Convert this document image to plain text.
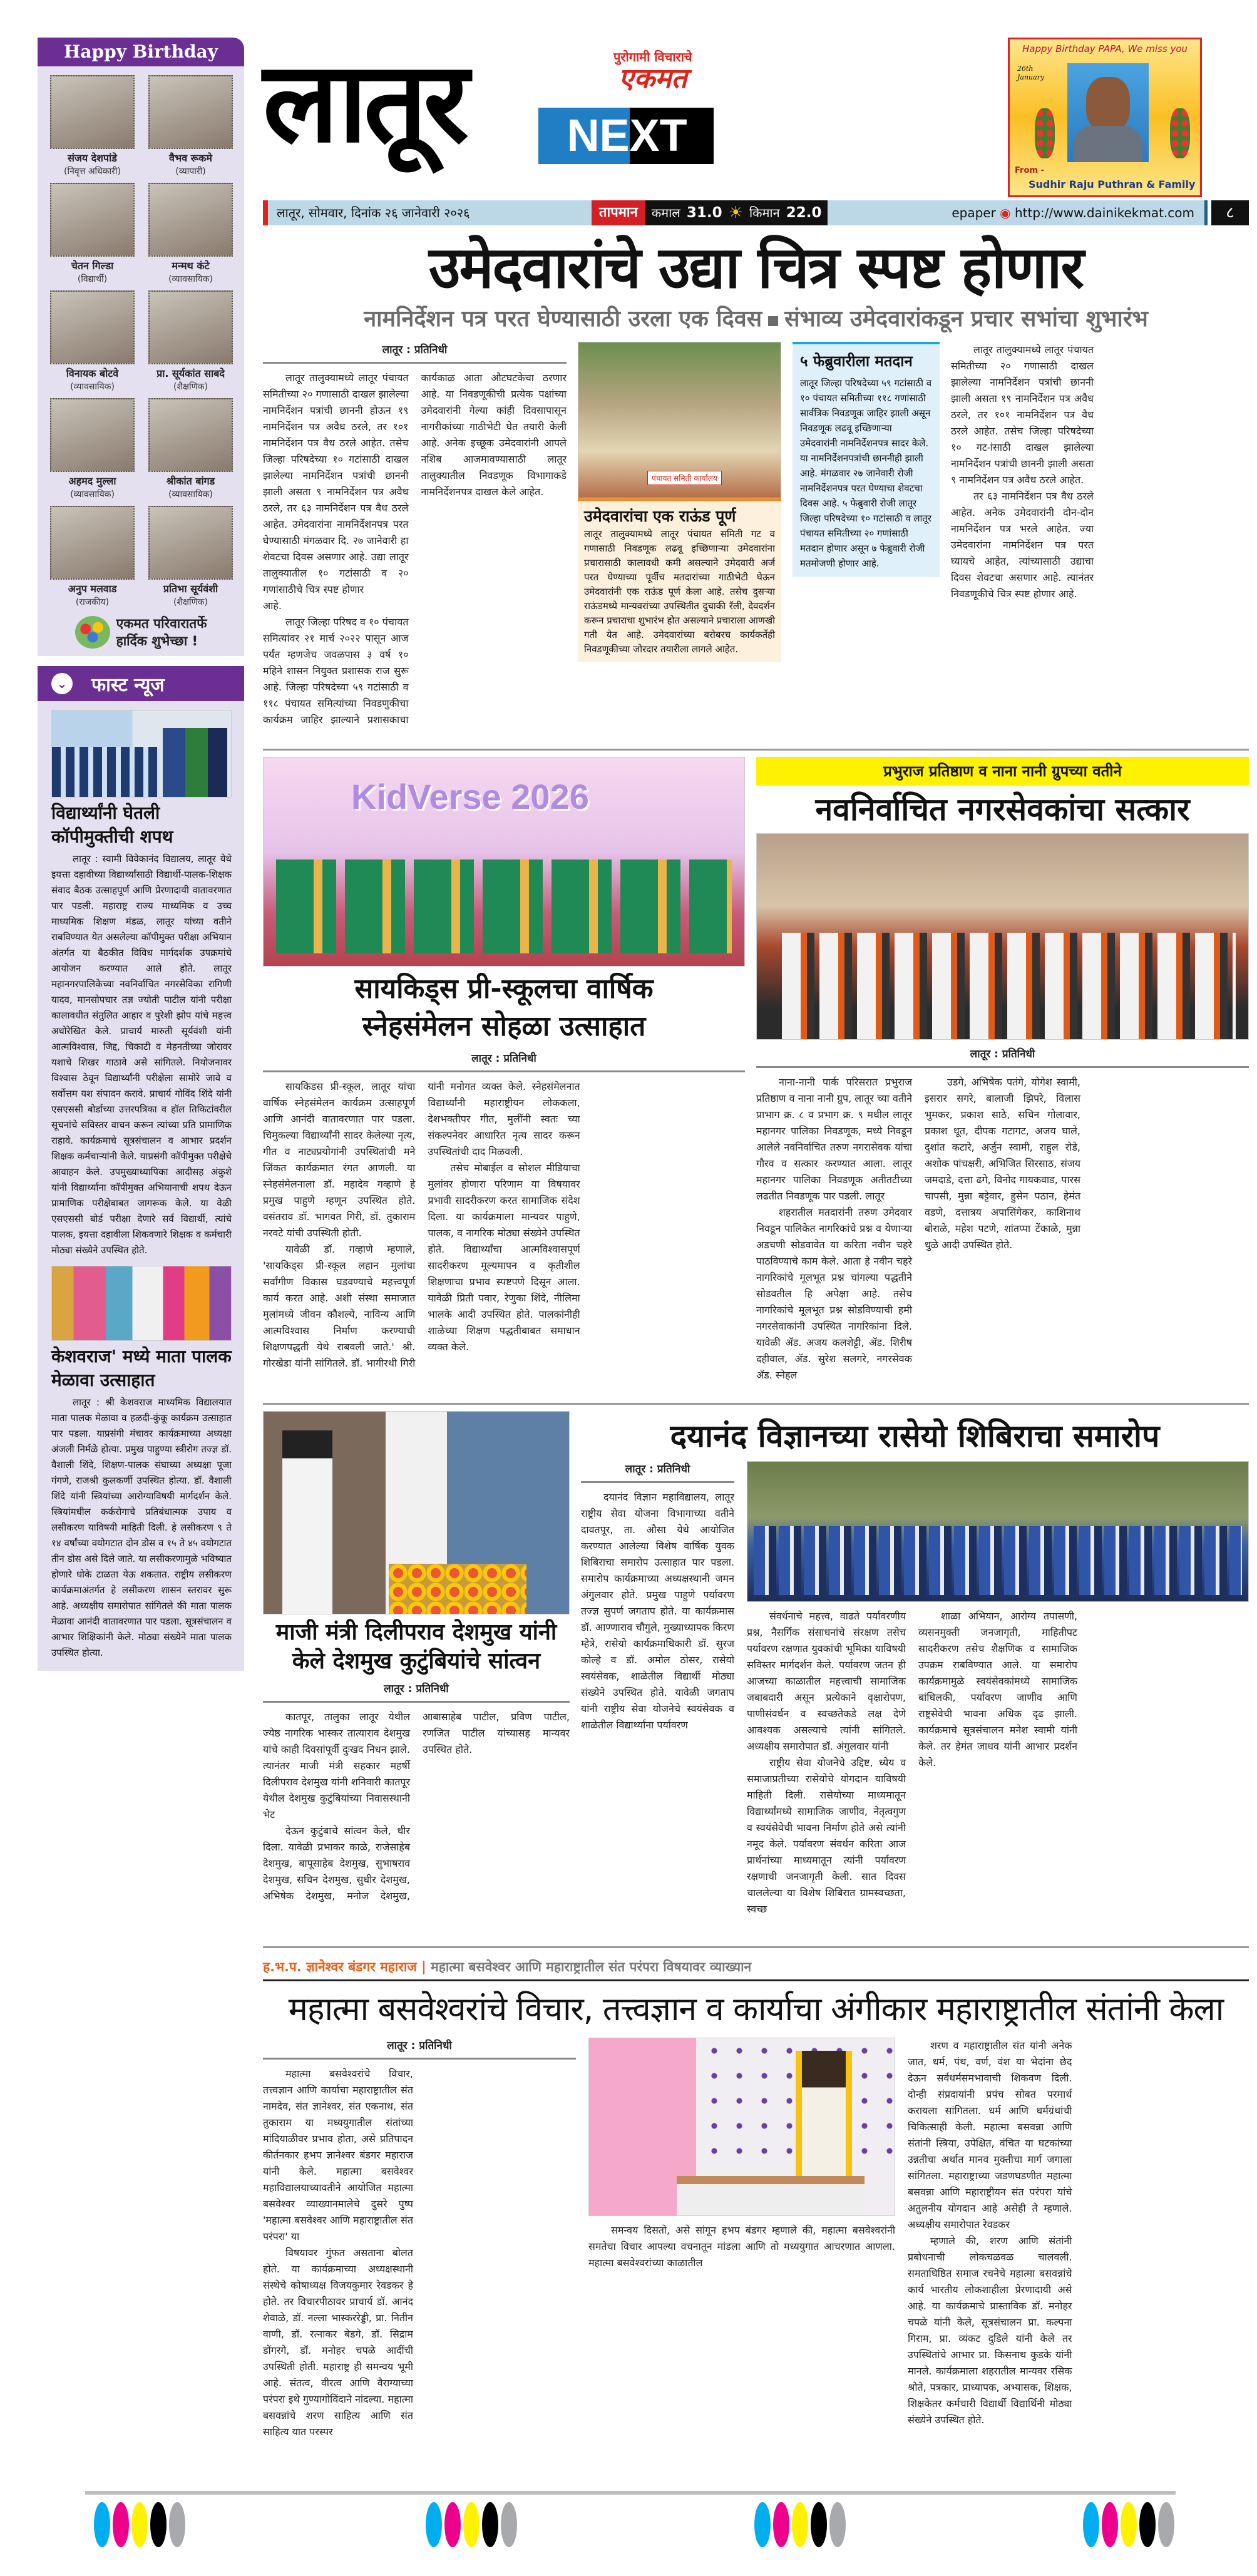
Happy Birthday
संजय देशपांडे
(निवृत्त अधिकारी)
वैभव रूकमे
(व्यापारी)
चेतन गिल्डा
(विद्यार्थी)
मन्मथ कंटे
(व्यावसायिक)
विनायक बोटवे
(व्यावसायिक)
प्रा. सूर्यकांत साबदे
(शैक्षणिक)
अहमद मुल्ला
(व्यावसायिक)
श्रीकांत बांगड
(व्यावसायिक)
अनुप मलवाड
(राजकीय)
प्रतिभा सूर्यवंशी
(शैक्षणिक)
एकमत परिवारातर्फे
हार्दिक शुभेच्छा !
⌄ फास्ट न्यूज
विद्यार्थ्यांनी घेतली कॉपीमुक्तीची शपथ

लातूर : स्वामी विवेकानंद विद्यालय, लातूर येथे इयत्ता दहावीच्या विद्यार्थ्यांसाठी विद्यार्थी-पालक-शिक्षक संवाद बैठक उत्साहपूर्ण आणि प्रेरणादायी वातावरणात पार पडली. महाराष्ट्र राज्य माध्यमिक व उच्च माध्यमिक शिक्षण मंडळ, लातूर यांच्या वतीने राबविण्यात येत असलेल्या कॉपीमुक्त परीक्षा अभियान अंतर्गत या बैठकीत विविध मार्गदर्शक उपक्रमांचे आयोजन करण्यात आले होते. लातूर महानगरपालिकेच्या नवनिर्वाचित नगरसेविका रागिणी यादव, मानसोपचार तज्ञ ज्योती पाटील यांनी परीक्षा कालावधीत संतुलित आहार व पुरेशी झोप यांचे महत्त्व अधोरेखित केले. प्राचार्य मारुती सूर्यवंशी यांनी आत्मविश्वास, जिद्द, चिकाटी व मेहनतीच्या जोरावर यशाचे शिखर गाठावे असे सांगितले. नियोजनावर विश्वास ठेवून विद्यार्थ्यांनी परीक्षेला सामोरे जावे व सर्वोत्तम यश संपादन करावे. प्राचार्य गोविंद शिंदे यांनी एसएससी बोर्डाच्या उत्तरपत्रिका व हॉल तिकिटांवरील सूचनांचे सविस्तर वाचन करून त्यांच्या प्रति प्रामाणिक राहावे. कार्यक्रमाचे सूत्रसंचालन व आभार प्रदर्शन शिक्षक कर्मचाऱ्यांनी केले. याप्रसंगी कॉपीमुक्त परीक्षेचे आवाहन केले. उपमुख्याध्यापिका आदीसह अंकुशे यांनी विद्यार्थ्यांना कॉपीमुक्त अभियानाची शपथ देऊन प्रामाणिक परीक्षेबाबत जागरूक केले. या वेळी एसएससी बोर्ड परीक्षा देणारे सर्व विद्यार्थी, त्यांचे पालक, इयत्ता दहावीला शिकवणारे शिक्षक व कर्मचारी मोठ्या संख्येने उपस्थित होते.

केशवराज' मध्ये माता पालक मेळावा उत्साहात

लातूर : श्री केशवराज माध्यमिक विद्यालयात माता पालक मेळावा व हळदी-कुंकू कार्यक्रम उत्साहात पार पडला. याप्रसंगी मंचावर कार्यक्रमाच्या अध्यक्षा अंजली निर्मळे होत्या. प्रमुख पाहुण्या स्त्रीरोग तज्ज्ञ डॉ. वैशाली शिंदे, शिक्षण-पालक संघाच्या अध्यक्षा पूजा गंगणे, राजश्री कुलकर्णी उपस्थित होत्या. डॉ. वैशाली शिंदे यांनी स्त्रियांच्या आरोग्याविषयी मार्गदर्शन केले. स्त्रियांमधील कर्करोगाचे प्रतिबंधात्मक उपाय व लसीकरण याविषयी माहिती दिली. हे लसीकरण ९ ते १४ वर्षांच्या वयोगटात दोन डोस व १५ ते ४५ वयोगटात तीन डोस असे दिले जाते. या लसीकरणामुळे भविष्यात होणारे धोके टाळता येऊ शकतात. राष्ट्रीय लसीकरण कार्यक्रमाअंतर्गत हे लसीकरण शासन स्तरावर सुरू आहे. अध्यक्षीय समारोपात सांगितले की माता पालक मेळावा आनंदी वातावरणात पार पडला. सूत्रसंचालन व आभार शिक्षिकांनी केले. मोठ्या संख्येने माता पालक उपस्थित होत्या.

लातूर	पुरोगामी विचाराचे
एकमत
NE XT
Happy Birthday PAPA, We miss you
26th
January
From -
Sudhir Raju Puthran & Family
लातूर, सोमवार, दिनांक २६ जानेवारी २०२६	तापमान	कमाल 31.0 ☀ किमान 22.0	epaper ◉ http://www.dainikekmat.com	८
उमेदवारांचे उद्या चित्र स्पष्ट होणार
नामनिर्देशन पत्र परत घेण्यासाठी उरला एक दिवस संभाव्य उमेदवारांकडून प्रचार सभांचा शुभारंभ
लातूर : प्रतिनिधी

लातूर तालुक्यामध्ये लातूर पंचायत समितीच्या २० गणासाठी दाखल झालेल्या नामनिर्देशन पत्रांची छाननी होऊन १९ नामनिर्देशन पत्र अवैध ठरले, तर १०१ नामनिर्देशन पत्र वैध ठरले आहेत. तसेच जिल्हा परिषदेच्या १० गटांसाठी दाखल झालेल्या नामनिर्देशन पत्रांची छाननी झाली असता ९ नामनिर्देशन पत्र अवैध ठरले, तर ६३ नामनिर्देशन पत्र वैध ठरले आहेत. उमेदवारांना नामनिर्देशनपत्र परत घेण्यासाठी मंगळवार दि. २७ जानेवारी हा शेवटचा दिवस असणार आहे. उद्या लातूर तालुक्यातील १० गटांसाठी व २० गणांसाठीचे चित्र स्पष्ट होणार

आहे.

लातूर जिल्हा परिषद व १० पंचायत समित्यांवर २१ मार्च २०२२ पासून आज पर्यंत म्हणजेच जवळपास ३ वर्ष १० महिने शासन नियुक्त प्रशासक राज सुरू आहे. जिल्हा परिषदेच्या ५९ गटांसाठी व ११८ पंचायत समित्यांच्या निवडणुकीचा कार्यक्रम जाहिर झाल्याने प्रशासकाचा कार्यकाळ आता औटघटकेचा ठरणार आहे. या निवडणूकीची प्रत्येक पक्षांच्या उमेदवारांनी गेल्या कांही दिवसापासून नागरीकांच्या गाठीभेटी घेत तयारी केली आहे. अनेक इच्छूक उमेदवारांनी आपले नशिब आजमावण्यासाठी लातूर तालुक्यातील निवडणूक विभागाकडे नामनिर्देशनपत्र दाखल केले आहेत.

पंचायत समिती कार्यालय
उमेदवारांचा एक राऊंड पूर्ण
लातूर तालुक्यामध्ये लातूर पंचायत समिती गट व गणासाठी निवडणूक लढवू इच्छिणाऱ्या उमेदवारांना प्रचारासाठी कालावधी कमी असल्याने उमेदवारी अर्ज परत घेण्याच्या पूर्वीच मतदारांच्या गाठीभेटी घेऊन उमेदवारांनी एक राऊंड पूर्ण केला आहे. तसेच दुसऱ्या राऊंडमध्ये मान्यवरांच्या उपस्थितीत दुचाकी रॅली, देवदर्शन करून प्रचाराचा शुभारंभ होत असल्याने प्रचाराला आणखी गती येत आहे. उमेदवारांच्या बरोबरच कार्यकर्तेही निवडणूकीच्या जोरदार तयारीला लागले आहेत.
५ फेब्रुवारीला मतदान
लातूर जिल्हा परिषदेच्या ५९ गटांसाठी व १० पंचायत समितीच्या ११८ गणांसाठी सार्वत्रिक निवडणूक जाहिर झाली असून निवडणूक लढवू इच्छिणाऱ्या उमेदवारांनी नामनिर्देशनपत्र सादर केले. या नामनिर्देशनपत्रांची छाननीही झाली आहे. मंगळवार २७ जानेवारी रोजी नामनिर्देशनपत्र परत घेण्याचा शेवटचा दिवस आहे. ५ फेब्रुवारी रोजी लातूर जिल्हा परिषदेच्या १० गटांसाठी व लातूर पंचायत समितीच्या २० गणांसाठी मतदान होणार असून ७ फेब्रुवारी रोजी मतमोजणी होणार आहे.

लातूर तालुक्यामध्ये लातूर पंचायत समितीच्या २० गणासाठी दाखल झालेल्या नामनिर्देशन पत्रांची छाननी झाली असता १९ नामनिर्देशन पत्र अवैध ठरले, तर १०१ नामनिर्देशन पत्र वैध ठरले आहेत. तसेच जिल्हा परिषदेच्या १० गट-ांसाठी दाखल झालेल्या नामनिर्देशन पत्रांची छाननी झाली असता ९ नामनिर्देशन पत्र अवैध ठरले आहेत.

तर ६३ नामनिर्देशन पत्र वैध ठरले आहेत. अनेक उमेदवारांनी दोन-दोन नामनिर्देशन पत्र भरले आहेत. ज्या उमेदवारांना नामनिर्देशन पत्र परत घ्यायचे आहेत, त्यांच्यासाठी उद्याचा दिवस शेवटचा असणार आहे. त्यानंतर निवडणूकीचे चित्र स्पष्ट होणार आहे.

KidVerse 2026
सायकिड्स प्री-स्कूलचा वार्षिक
स्नेहसंमेलन सोहळा उत्साहात
लातूर : प्रतिनिधी

सायकिडस प्री-स्कूल, लातूर यांचा वार्षिक स्नेहसंमेलन कार्यक्रम उत्साहपूर्ण आणि आनंदी वातावरणात पार पडला. चिमुकल्या विद्यार्थ्यांनी सादर केलेल्या नृत्य, गीत व नाट्यप्रयोगांनी उपस्थितांची मने जिंकत कार्यक्रमात रंगत आणली. या स्नेहसंमेलनाला डॉ. महादेव गव्हाणे हे प्रमुख पाहुणे म्हणून उपस्थित होते. वसंतराव डॉ. भागवत गिरी, डॉ. तुकाराम नरवटे यांची उपस्थिती होती.

यावेळी डॉ. गव्हाणे म्हणाले, 'सायकिड्स प्री-स्कूल लहान मुलांचा सर्वांगीण विकास घडवण्याचे महत्त्वपूर्ण कार्य करत आहे. अशी संस्था समाजात मुलांमध्ये जीवन कौशल्ये, नाविन्य आणि आत्मविश्वास निर्माण करण्याची शिक्षणपद्धती येथे राबवली जाते.' श्री. गोरखेडा यांनी सांगितले. डॉ. भागीरथी गिरी यांनी मनोगत व्यक्त केले. स्नेहसंमेलनात विद्यार्थ्यांनी महाराष्ट्रीयन लोककला, देशभक्तीपर गीत, मुलींनी स्वतः च्या संकल्पनेवर आधारित नृत्य सादर करून उपस्थितांची दाद मिळवली.

तसेच मोबाईल व सोशल मीडियाचा मुलांवर होणारा परिणाम या विषयावर प्रभावी सादरीकरण करत सामाजिक संदेश दिला. या कार्यक्रमाला मान्यवर पाहुणे, पालक, व नागरिक मोठ्या संख्येने उपस्थित होते. विद्यार्थ्यांचा आत्मविश्वासपूर्ण सादरीकरण मूल्यमापन व कृतीशील शिक्षणाचा प्रभाव स्पष्टपणे दिसून आला. यावेळी प्रिती पवार, रेणुका शिंदे, नीलिमा भालके आदी उपस्थित होते. पालकांनीही शाळेच्या शिक्षण पद्धतीबाबत समाधान व्यक्त केले.

प्रभुराज प्रतिष्ठाण व नाना नानी ग्रुपच्या वतीने
नवनिर्वाचित नगरसेवकांचा सत्कार
लातूर : प्रतिनिधी

नाना-नानी पार्क परिसरात प्रभुराज प्रतिष्ठाण व नाना नानी ग्रुप, लातूर च्या वतीने प्राभाग क्र. ८ व प्रभाग क्र. ९ मधील लातूर महानगर पालिका निवडणूक, मध्ये निवडून आलेले नवनिर्वाचित तरुण नगरासेवक यांचा गौरव व सत्कार करण्यात आला. लातूर महानगर पालिका निवडणूक अतीतटीच्या लढतीत निवडणूक पार पडली. लातूर

शहरातील मतदारांनी तरुण उमेदवार निवडून पालिकेत नागरिकांचे प्रश्न व येणाऱ्या अडचणी सोडवावेत या करिता नवीन चहरे पाठविण्याचे काम केले. आता हे नवीन चहरे नागरिकांचे मूलभूत प्रश्न चांगल्या पद्धतीने सोडवतील हि अपेक्षा आहे. तसेच नागरिकांचे मूलभूत प्रश्न सोडविण्याची हमी नगरसेवाकांनी उपस्थित नागरिकांना दिले. यावेळी ॲड. अजय कलशेट्टी, ॲड. शिरीष दहीवाल, ॲड. सुरेश सलगरे, नगरसेवक ॲड. स्नेहल

उडगे, अभिषेक पतंगे, योगेश स्वामी, इसरार सगरे, बालाजी झिपरे, विलास भुमकर, प्रकाश साठे, सचिन गोलावार, प्रकाश धूत, दीपक गटागट, अजय घाले, दुशांत कटारे, अर्जुन स्वामी, राहुल रोडे, अशोक पांचक्षरी, अभिजित सिरसाठ, संजय जमदाडे, दत्ता ढगे, विनोद गायकवाड, पारस चापसी, मुन्ना बट्टेवार, हुसेन पठान, हेमंत वडणे, दत्तात्रय अपासिंगेकर, काशिनाथ बोराळे, महेश पटणे, शांतप्पा टेंकाळे, मुन्ना धुळे आदी उपस्थित होते.

माजी मंत्री दिलीपराव देशमुख यांनी
केले देशमुख कुटुंबियांचे सांत्वन
लातूर : प्रतिनिधी

कातपूर, तालुका लातूर येथील ज्येष्ठ नागरिक भास्कर तात्याराव देशमुख यांचे काही दिवसांपूर्वी दुःखद निधन झाले. त्यानंतर माजी मंत्री सहकार महर्षी दिलीपराव देशमुख यांनी शनिवारी कातपूर येथील देशमुख कुटुंबियांच्या निवासस्थानी भेट

देऊन कुटुंबाचे सांत्वन केले, धीर दिला. यावेळी प्रभाकर काळे, राजेसाहेब देशमुख, बापूसाहेब देशमुख, सुभाषराव देशमुख, सचिन देशमुख, सुधीर देशमुख, अभिषेक देशमुख, मनोज देशमुख, आबासाहेब पाटील, प्रविण पाटील, रणजित पाटील यांच्यासह मान्यवर उपस्थित होते.

दयानंद विज्ञानच्या रासेयो शिबिराचा समारोप
लातूर : प्रतिनिधी

दयानंद विज्ञान महाविद्यालय, लातूर राष्ट्रीय सेवा योजना विभागाच्या वतीने दावतपूर, ता. औसा येथे आयोजित करण्यात आलेल्या विशेष वार्षिक युवक शिबिराचा समारोप उत्साहात पार पडला. समारोप कार्यक्रमाच्या अध्यक्षस्थानी जमन अंगुलवार होते. प्रमुख पाहुणे पर्यावरण तज्ज्ञ सुपर्ण जगताप होते. या कार्यक्रमास डॉ. आण्णाराव चौगुले, मुख्याध्यापक किरण म्हेत्रे, रासेयो कार्यक्रमाधिकारी डॉ. सुरज कोल्हे व डॉ. अमोल ठोसर, रासेयो स्वयंसेवक, शाळेतील विद्यार्थी मोठ्या संख्येने उपस्थित होते. यावेळी जगताप यांनी राष्ट्रीय सेवा योजनेचे स्वयंसेवक व शाळेतील विद्यार्थ्यांना पर्यावरण

संवर्धनाचे महत्त्व, वाढते पर्यावरणीय प्रश्न, नैसर्गिक संसाधनांचे संरक्षण तसेच पर्यावरण रक्षणात युवकांची भूमिका याविषयी सविस्तर मार्गदर्शन केले. पर्यावरण जतन ही आजच्या काळातील महत्त्वाची सामाजिक जबाबदारी असून प्रत्येकाने वृक्षारोपण, पाणीसंवर्धन व स्वच्छतेकडे लक्ष देणे आवश्यक असल्याचे त्यांनी सांगितले. अध्यक्षीय समारोपात डॉ. अंगुलवार यांनी

राष्ट्रीय सेवा योजनेचे उद्दिष्ट, ध्येय व समाजाप्रतीच्या रासेयोचे योगदान याविषयी माहिती दिली. रासेयोच्या माध्यमातून विद्यार्थ्यांमध्ये सामाजिक जाणीव, नेतृत्वगुण व स्वयंसेवेची भावना निर्माण होते असे त्यांनी नमूद केले. पर्यावरण संवर्धन करिता आज प्रार्थनांच्या माध्यमातून त्यांनी पर्यावरण रक्षणाची जनजागृती केली. सात दिवस चाललेल्या या विशेष शिबिरात ग्रामस्वच्छता, स्वच्छ

शाळा अभियान, आरोग्य तपासणी, व्यसनमुक्ती जनजागृती, माहितीपट सादरीकरण तसेच शैक्षणिक व सामाजिक उपक्रम राबविण्यात आले. या समारोप कार्यक्रमामुळे स्वयंसेवकांमध्ये सामाजिक बांधिलकी, पर्यावरण जाणीव आणि राष्ट्रसेवेची भावना अधिक दृढ झाली. कार्यक्रमाचे सूत्रसंचालन मनेश स्वामी यांनी केले. तर हेमंत जाधव यांनी आभार प्रदर्शन केले.

ह.भ.प. ज्ञानेश्वर बंडगर महाराज | महात्मा बसवेश्वर आणि महाराष्ट्रातील संत परंपरा विषयावर व्याख्यान
महात्मा बसवेश्वरांचे विचार, तत्त्वज्ञान व कार्याचा अंगीकार महाराष्ट्रातील संतांनी केला
लातूर : प्रतिनिधी

महात्मा बसवेश्वरांचे विचार, तत्त्वज्ञान आणि कार्याचा महाराष्ट्रातील संत नामदेव, संत ज्ञानेश्वर, संत एकनाथ, संत तुकाराम या मध्ययुगातील संतांच्या मांदियाळीवर प्रभाव होता, असे प्रतिपादन कीर्तनकार हभप ज्ञानेश्वर बंडगर महाराज यांनी केले. महात्मा बसवेश्वर महाविद्यालयाच्यावतीने आयोजित महात्मा बसवेश्वर व्याख्यानमालेचे दुसरे पुष्प 'महात्मा बसवेश्वर आणि महाराष्ट्रातील संत परंपरा' या

विषयावर गुंफत असताना बोलत होते. या कार्यक्रमाच्या अध्यक्षस्थानी संस्थेचे कोषाध्यक्ष विजयकुमार रेवडकर हे होते. तर विचारपीठावर प्राचार्य डॉ. आनंद शेवाळे, डॉ. नल्ला भास्कररेड्डी, प्रा. नितीन वाणी, डॉ. रत्नाकर बेडगे, डॉ. सिद्राम डोंगरगे, डॉ. मनोहर चपळे आदींची उपस्थिती होती. महाराष्ट्र ही समन्वय भूमी आहे. संतत्व, वीरत्व आणि वैराग्याच्या परंपरा इथे गुण्यागोविंदाने नांदल्या. महात्मा बसवन्नांचे शरण साहित्य आणि संत साहित्य यात परस्पर

समन्वय दिसतो, असे सांगून हभप बंडगर म्हणाले की, महात्मा बसवेश्वरांनी समतेचा विचार आपल्या वचनातून मांडला आणि तो मध्ययुगात आचरणात आणला. महात्मा बसवेश्वरांच्या काळातील

शरण व महाराष्ट्रातील संत यांनी अनेक जात, धर्म, पंथ, वर्ण, वंश या भेदांना छेद देऊन सर्वधर्मसमभावाची शिकवण दिली. दोन्ही संप्रदायांनी प्रपंच सोबत परमार्थ करायला सांगितला. धर्म आणि धर्मग्रंथांची चिकित्साही केली. महात्मा बसवन्ना आणि संतांनी स्त्रिया, उपेक्षित, वंचित या घटकांच्या उन्नतीचा अर्थात मानव मुक्तीचा मार्ग जगाला सांगितला. महाराष्ट्राच्या जडणघडणीत महात्मा बसवन्ना आणि महाराष्ट्रीयन संत परंपरा यांचे अतुलनीय योगदान आहे असेही ते म्हणाले. अध्यक्षीय समारोपात रेवडकर

म्हणाले की, शरण आणि संतांनी प्रबोधनाची लोकचळवळ चालवली. समताधिष्ठित समाज रचनेचे महात्मा बसवन्नांचे कार्य भारतीय लोकशाहीला प्रेरणादायी असे आहे. या कार्यक्रमाचे प्रास्ताविक डॉ. मनोहर चपळे यांनी केले, सूत्रसंचालन प्रा. कल्पना गिराम, प्रा. व्यंकट दुडिले यांनी केले तर उपस्थितांचे आभार प्रा. किसनाथ कुडके यांनी मानले. कार्यक्रमाला शहरातील मान्यवर रसिक श्रोते, पत्रकार, प्राध्यापक, अभ्यासक, शिक्षक, शिक्षकेतर कर्मचारी विद्यार्थी विद्यार्थिनी मोठ्या संख्येने उपस्थित होते.
